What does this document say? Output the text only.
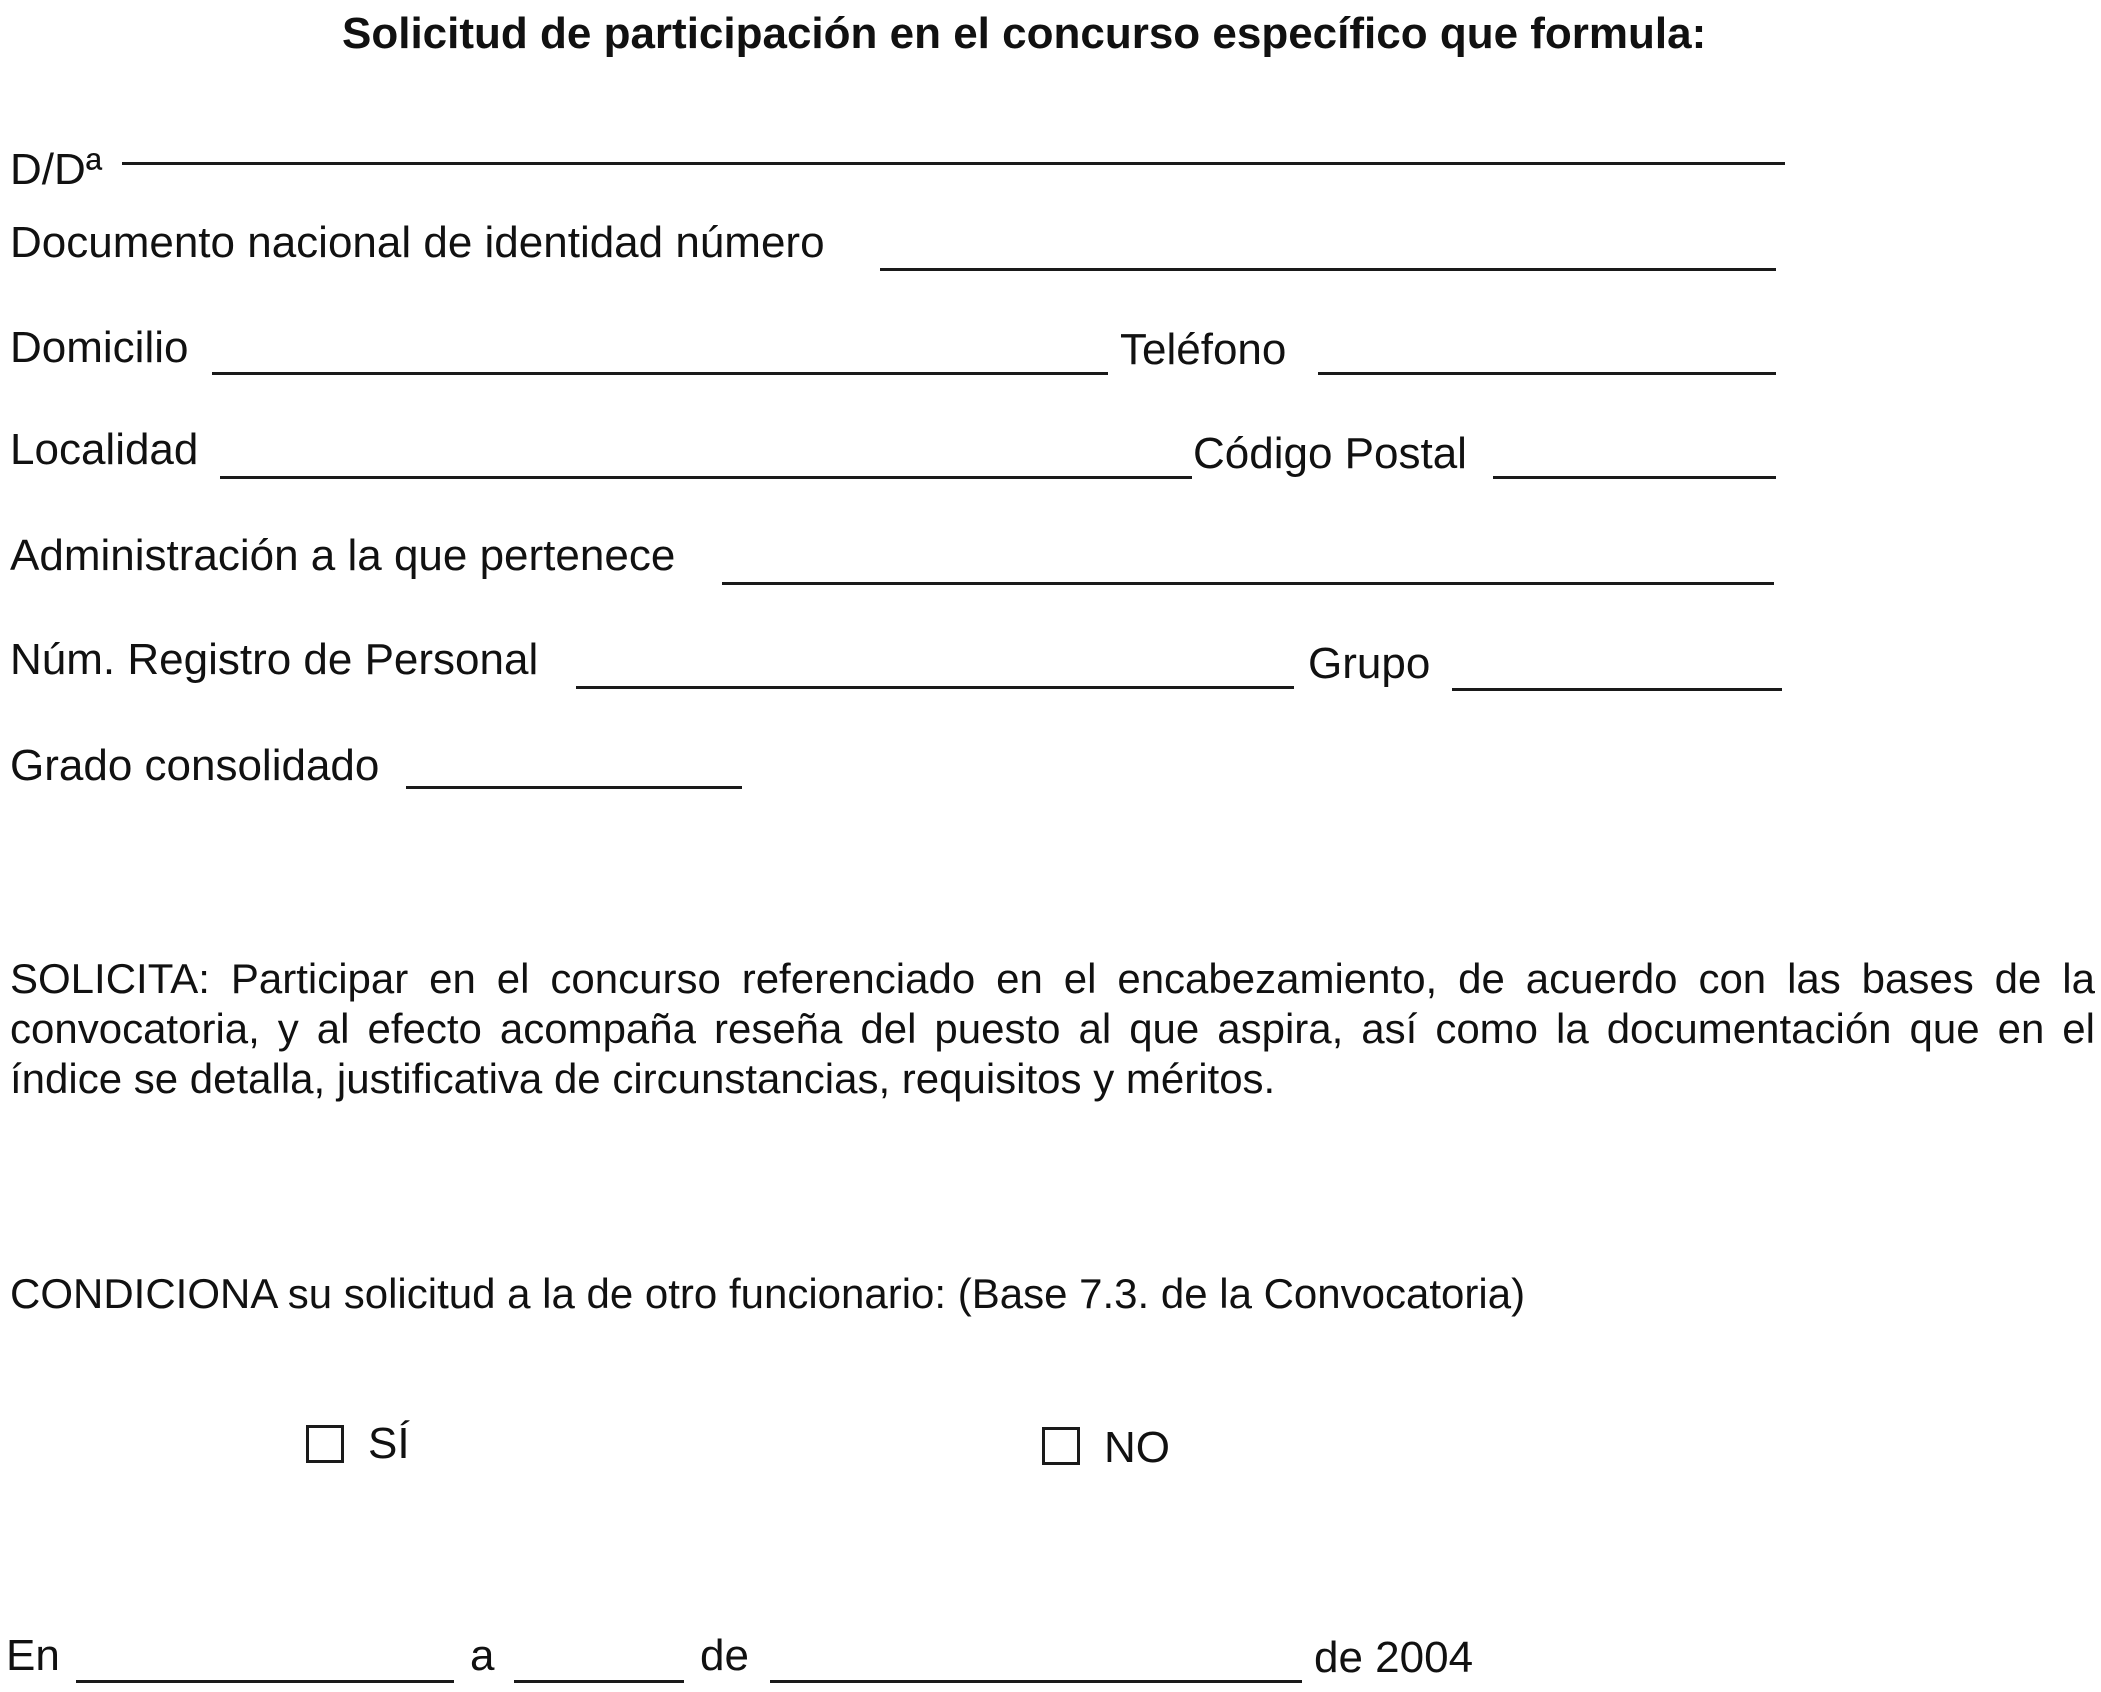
Solicitud de participación en el concurso específico que formula:
D/Dª
Documento nacional de identidad número
Domicilio	Teléfono
Localidad	Código Postal
Administración a la que pertenece
Núm. Registro de Personal	Grupo
Grado consolidado
SOLICITA: Participar en el concurso referenciado en el encabezamiento, de acuerdo con las bases de la convocatoria, y al efecto acompaña reseña del puesto al que aspira, así como la documentación que en el índice se detalla, justificativa de circunstancias, requisitos y méritos.
CONDICIONA su solicitud a la de otro funcionario: (Base 7.3. de la Convocatoria)
SÍ	NO
En	a	de	de 2004
